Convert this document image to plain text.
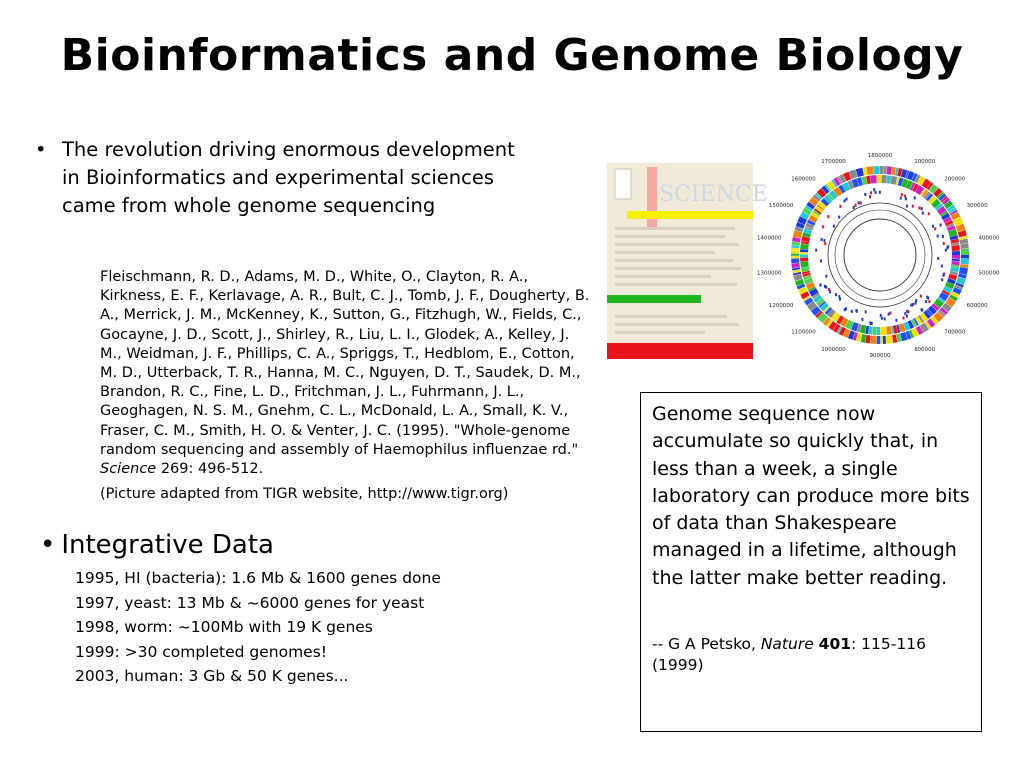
Bioinformatics and Genome Biology
• The revolution driving enormous development in Bioinformatics and experimental sciences came from whole genome sequencing

Fleischmann, R. D., Adams, M. D., White, O., Clayton, R. A., Kirkness, E. F., Kerlavage, A. R., Bult, C. J., Tomb, J. F., Dougherty, B. A., Merrick, J. M., McKenney, K., Sutton, G., Fitzhugh, W., Fields, C., Gocayne, J. D., Scott, J., Shirley, R., Liu, L. I., Glodek, A., Kelley, J. M., Weidman, J. F., Phillips, C. A., Spriggs, T., Hedblom, E., Cotton, M. D., Utterback, T. R., Hanna, M. C., Nguyen, D. T., Saudek, D. M., Brandon, R. C., Fine, L. D., Fritchman, J. L., Fuhrmann, J. L., Geoghagen, N. S. M., Gnehm, C. L., McDonald, L. A., Small, K. V., Fraser, C. M., Smith, H. O. & Venter, J. C. (1995). "Whole-genome random sequencing and assembly of Haemophilus influenzae rd." Science 269: 496-512.

(Picture adapted from TIGR website, http://www.tigr.org)

• Integrative Data
1995, HI (bacteria): 1.6 Mb & 1600 genes done
1997, yeast: 13 Mb & ~6000 genes for yeast
1998, worm: ~100Mb with 19 K genes
1999: >30 completed genomes!
2003, human: 3 Gb & 50 K genes...
SCIENCE
1800000
100000
200000
300000
400000
500000
600000
700000
800000
900000
1000000
1100000
1200000
1300000
1400000
1500000
1600000
1700000
Genome sequence now accumulate so quickly that, in less than a week, a single laboratory can produce more bits of data than Shakespeare managed in a lifetime, although the latter make better reading.
-- G A Petsko, Nature 401: 115-116 (1999)
